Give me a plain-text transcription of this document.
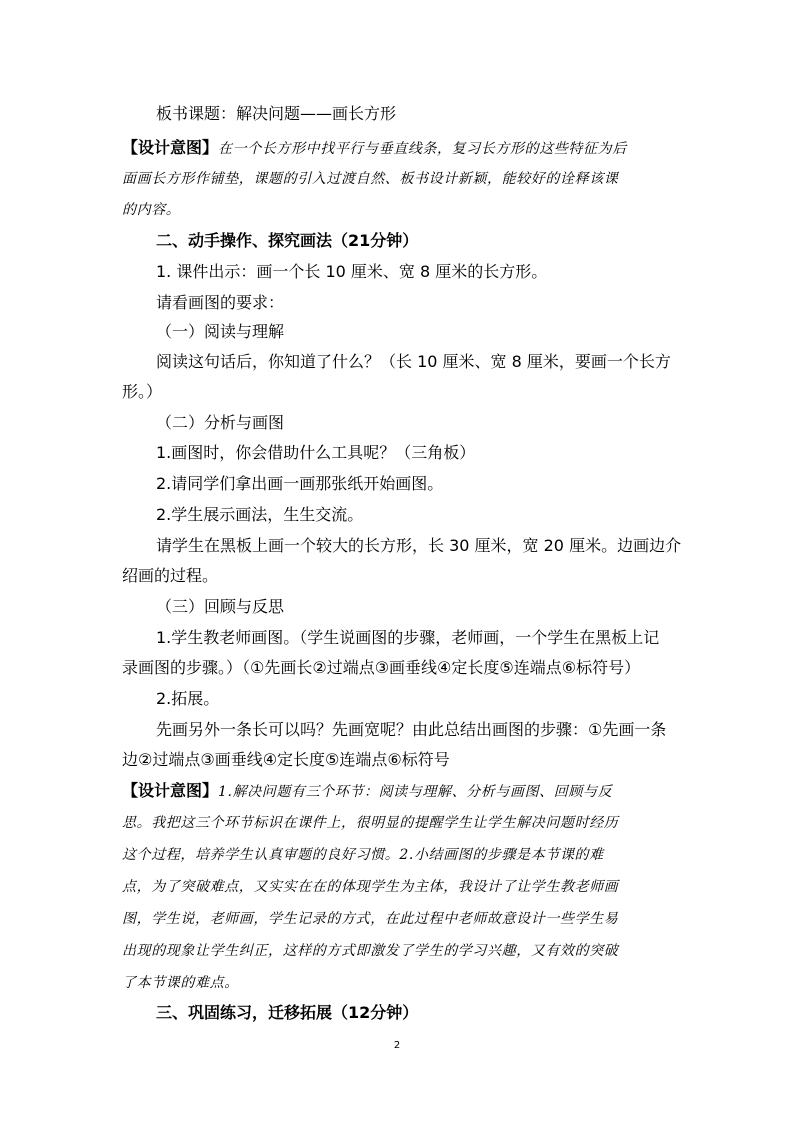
板书课题：解决问题——画长方形
【设计意图】在一个长方形中找平行与垂直线条，复习长方形的这些特征为后
面画长方形作铺垫，课题的引入过渡自然、板书设计新颖，能较好的诠释该课
的内容。
二、动手操作、探究画法（21分钟）
1. 课件出示：画一个长 10 厘米、宽 8 厘米的长方形。
请看画图的要求：
（一）阅读与理解
阅读这句话后，你知道了什么？（长 10 厘米、宽 8 厘米，要画一个长方
形。）
（二）分析与画图
1.画图时，你会借助什么工具呢？（三角板）
2.请同学们拿出画一画那张纸开始画图。
2.学生展示画法，生生交流。
请学生在黑板上画一个较大的长方形，长 30 厘米，宽 20 厘米。边画边介
绍画的过程。
（三）回顾与反思
1.学生教老师画图。（学生说画图的步骤，老师画，一个学生在黑板上记
录画图的步骤。）（①先画长②过端点③画垂线④定长度⑤连端点⑥标符号）
2.拓展。
先画另外一条长可以吗？先画宽呢？由此总结出画图的步骤：①先画一条
边②过端点③画垂线④定长度⑤连端点⑥标符号
【设计意图】1.解决问题有三个环节：阅读与理解、分析与画图、回顾与反
思。我把这三个环节标识在课件上，很明显的提醒学生让学生解决问题时经历
这个过程，培养学生认真审题的良好习惯。2.小结画图的步骤是本节课的难
点，为了突破难点，又实实在在的体现学生为主体，我设计了让学生教老师画
图，学生说，老师画，学生记录的方式，在此过程中老师故意设计一些学生易
出现的现象让学生纠正，这样的方式即激发了学生的学习兴趣，又有效的突破
了本节课的难点。
三、巩固练习，迁移拓展（12分钟）
2
